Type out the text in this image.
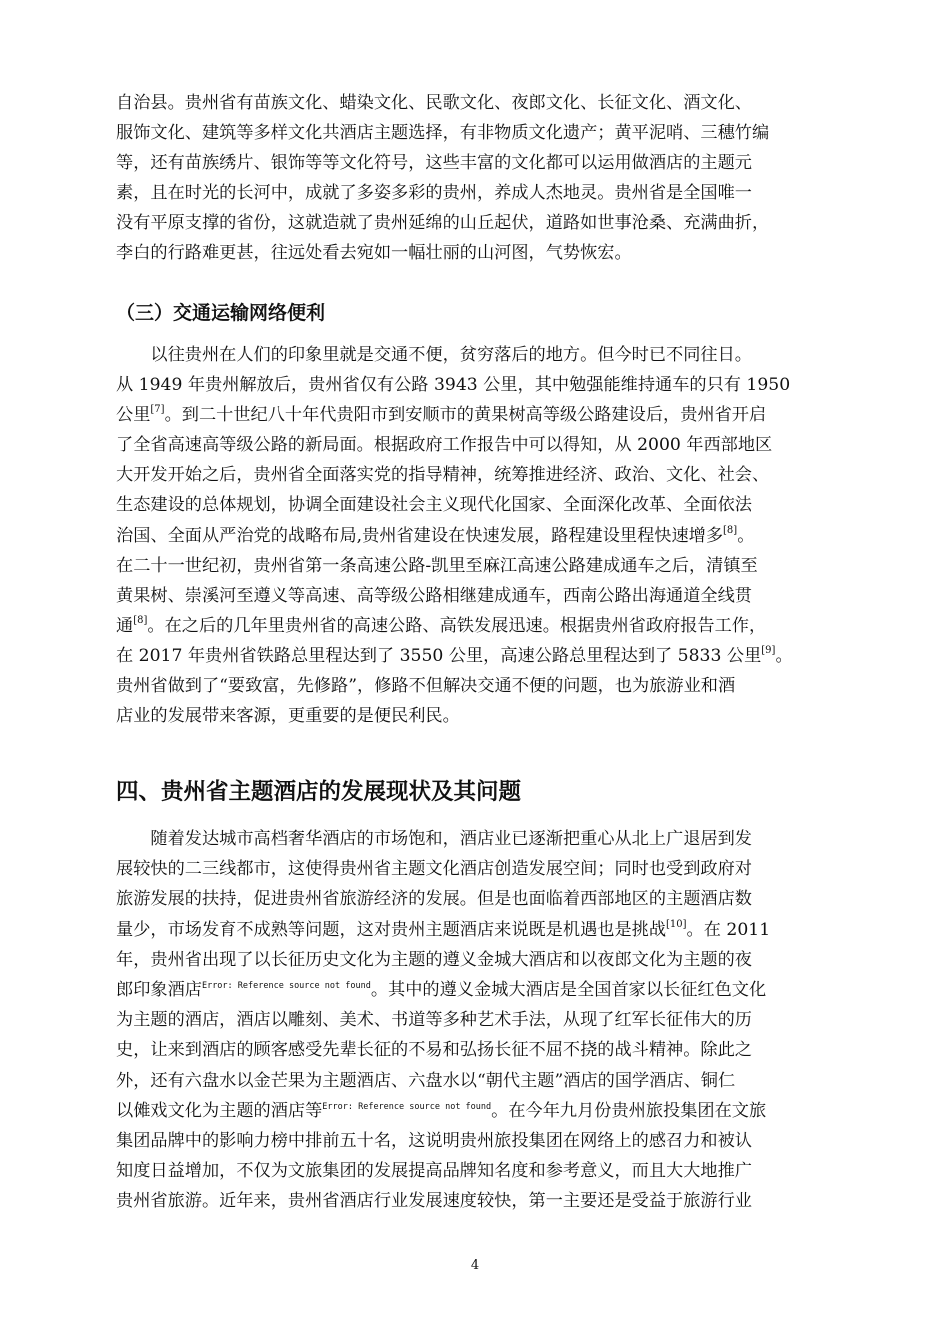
自治县。贵州省有苗族文化、蜡染文化、民歌文化、夜郎文化、长征文化、酒文化、
服饰文化、建筑等多样文化共酒店主题选择，有非物质文化遗产；黄平泥哨、三穗竹编
等，还有苗族绣片、银饰等等文化符号，这些丰富的文化都可以运用做酒店的主题元
素，且在时光的长河中，成就了多姿多彩的贵州，养成人杰地灵。贵州省是全国唯一
没有平原支撑的省份，这就造就了贵州延绵的山丘起伏，道路如世事沧桑、充满曲折，
李白的行路难更甚，往远处看去宛如一幅壮丽的山河图，气势恢宏。
（三）交通运输网络便利
　　以往贵州在人们的印象里就是交通不便，贫穷落后的地方。但今时已不同往日。
从 1949 年贵州解放后，贵州省仅有公路 3943 公里，其中勉强能维持通车的只有 1950
公里[7]。到二十世纪八十年代贵阳市到安顺市的黄果树高等级公路建设后，贵州省开启
了全省高速高等级公路的新局面。根据政府工作报告中可以得知，从 2000 年西部地区
大开发开始之后，贵州省全面落实党的指导精神，统筹推进经济、政治、文化、社会、
生态建设的总体规划，协调全面建设社会主义现代化国家、全面深化改革、全面依法
治国、全面从严治党的战略布局,贵州省建设在快速发展，路程建设里程快速增多[8]。
在二十一世纪初，贵州省第一条高速公路-凯里至麻江高速公路建成通车之后，清镇至
黄果树、崇溪河至遵义等高速、高等级公路相继建成通车，西南公路出海通道全线贯
通[8]。在之后的几年里贵州省的高速公路、高铁发展迅速。根据贵州省政府报告工作，
在 2017 年贵州省铁路总里程达到了 3550 公里，高速公路总里程达到了 5833 公里[9]。
贵州省做到了“要致富，先修路”，修路不但解决交通不便的问题，也为旅游业和酒
店业的发展带来客源，更重要的是便民利民。
四、贵州省主题酒店的发展现状及其问题
　　随着发达城市高档奢华酒店的市场饱和，酒店业已逐渐把重心从北上广退居到发
展较快的二三线都市，这使得贵州省主题文化酒店创造发展空间；同时也受到政府对
旅游发展的扶持，促进贵州省旅游经济的发展。但是也面临着西部地区的主题酒店数
量少，市场发育不成熟等问题，这对贵州主题酒店来说既是机遇也是挑战[10]。在 2011
年，贵州省出现了以长征历史文化为主题的遵义金城大酒店和以夜郎文化为主题的夜
郎印象酒店$^{Error: Reference source not found}$。其中的遵义金城大酒店是全国首家以长征红色文化
为主题的酒店，酒店以雕刻、美术、书道等多种艺术手法，从现了红军长征伟大的历
史，让来到酒店的顾客感受先辈长征的不易和弘扬长征不屈不挠的战斗精神。除此之
外，还有六盘水以金芒果为主题酒店、六盘水以“朝代主题”酒店的国学酒店、铜仁
以傩戏文化为主题的酒店等$^{Error: Reference source not found}$。在今年九月份贵州旅投集团在文旅
集团品牌中的影响力榜中排前五十名，这说明贵州旅投集团在网络上的感召力和被认
知度日益增加，不仅为文旅集团的发展提高品牌知名度和参考意义，而且大大地推广
贵州省旅游。近年来，贵州省酒店行业发展速度较快，第一主要还是受益于旅游行业
4
